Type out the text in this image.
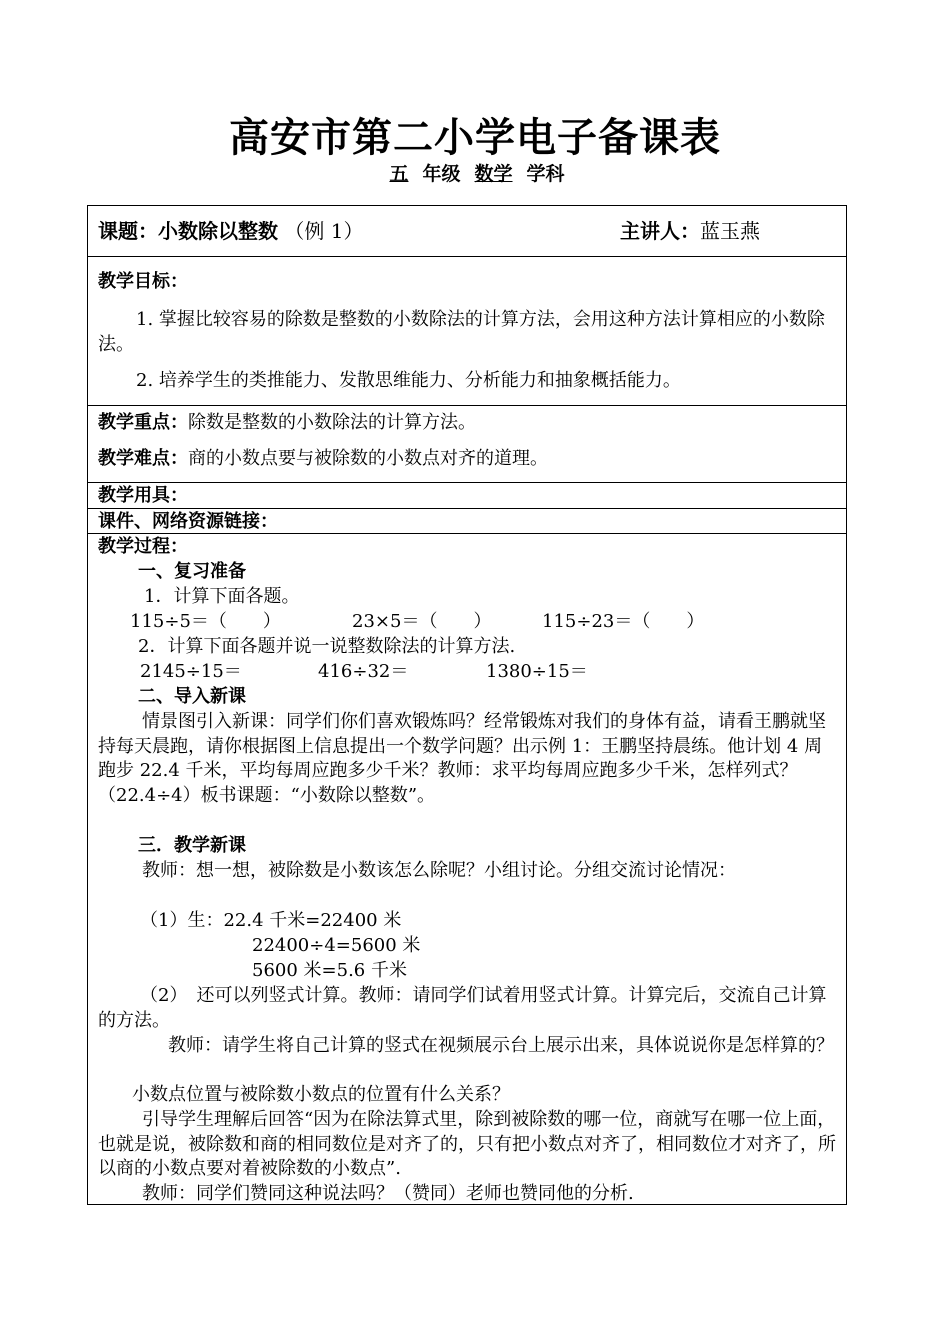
高安市第二小学电子备课表
五 年级 数学 学科
课题：小数除以整数 （例 1）	主讲人：蓝玉燕
教学目标：
1. 掌握比较容易的除数是整数的小数除法的计算方法，会用这种方法计算相应的小数除法。
2. 培养学生的类推能力、发散思维能力、分析能力和抽象概括能力。
教学重点：除数是整数的小数除法的计算方法。
教学难点：商的小数点要与被除数的小数点对齐的道理。
教学用具：
课件、网络资源链接：
教学过程：
一、复习准备
1．计算下面各题。
115÷5＝（　　）	23×5＝（　　）	115÷23＝（　　）
2．计算下面各题并说一说整数除法的计算方法.
2145÷15＝	416÷32＝	1380÷15＝
二、导入新课
情景图引入新课：同学们你们喜欢锻炼吗？经常锻炼对我们的身体有益，请看王鹏就坚持每天晨跑，请你根据图上信息提出一个数学问题？出示例 1：王鹏坚持晨练。他计划 4 周跑步 22.4 千米，平均每周应跑多少千米？教师：求平均每周应跑多少千米，怎样列式？（22.4÷4）板书课题：“小数除以整数”。
三．教学新课
教师：想一想，被除数是小数该怎么除呢？小组讨论。分组交流讨论情况：
（1）生：22.4 千米=22400 米
22400÷4=5600 米
5600 米=5.6 千米
（2）　还可以列竖式计算。教师：请同学们试着用竖式计算。计算完后，交流自己计算的方法。
教师：请学生将自己计算的竖式在视频展示台上展示出来，具体说说你是怎样算的？
小数点位置与被除数小数点的位置有什么关系？
引导学生理解后回答“因为在除法算式里，除到被除数的哪一位，商就写在哪一位上面，也就是说，被除数和商的相同数位是对齐了的，只有把小数点对齐了，相同数位才对齐了，所以商的小数点要对着被除数的小数点”.
教师：同学们赞同这种说法吗？（赞同）老师也赞同他的分析.
